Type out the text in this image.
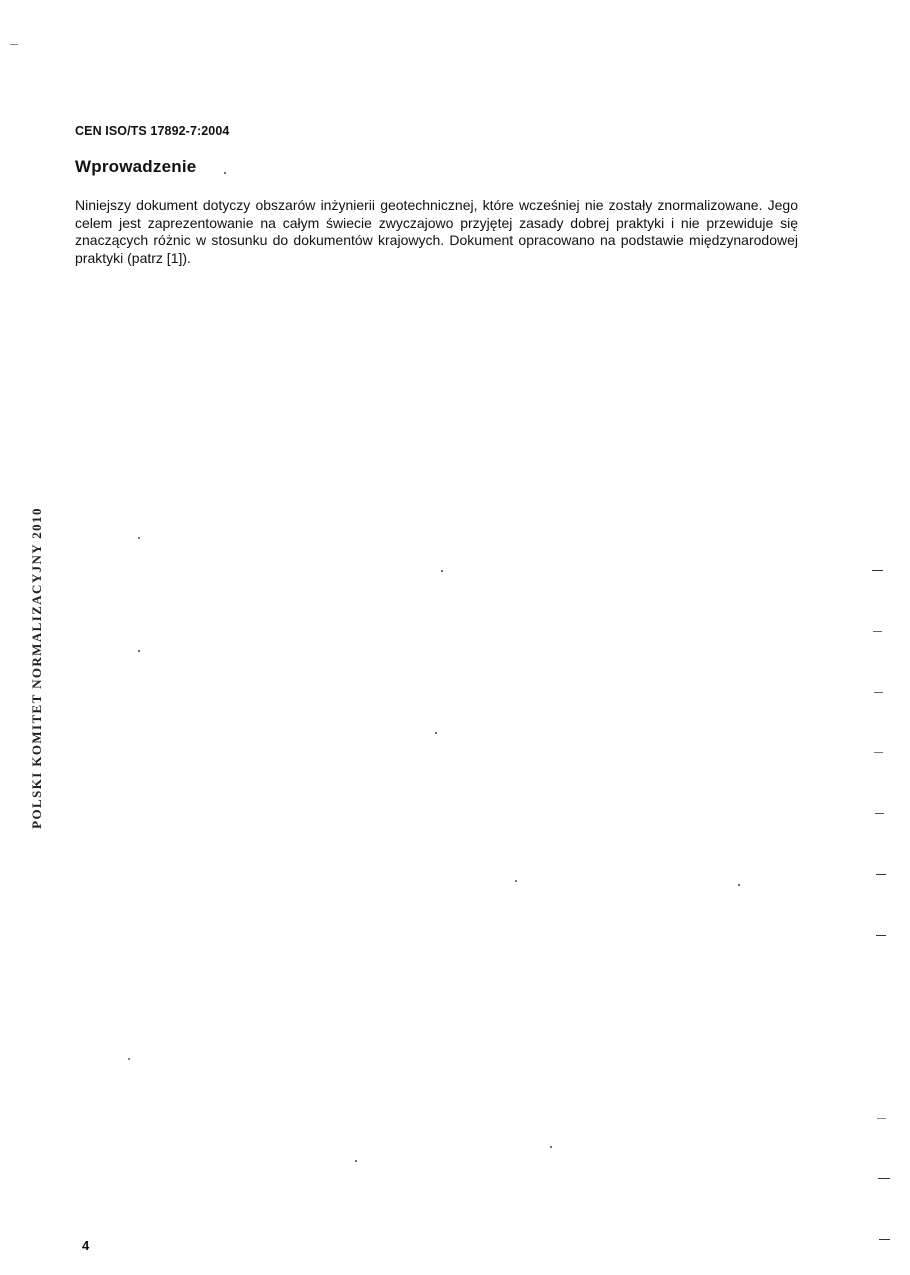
CEN ISO/TS 17892-7:2004
Wprowadzenie

Niniejszy dokument dotyczy obszarów inżynierii geotechnicznej, które wcześniej nie zostały znormalizowane. Jego celem jest zaprezentowanie na całym świecie zwyczajowo przyjętej zasady dobrej praktyki i nie przewiduje się znaczących różnic w stosunku do dokumentów krajowych. Dokument opracowano na podstawie międzynarodowej praktyki (patrz [1]).

POLSKI KOMITET NORMALIZACYJNY 2010
4
